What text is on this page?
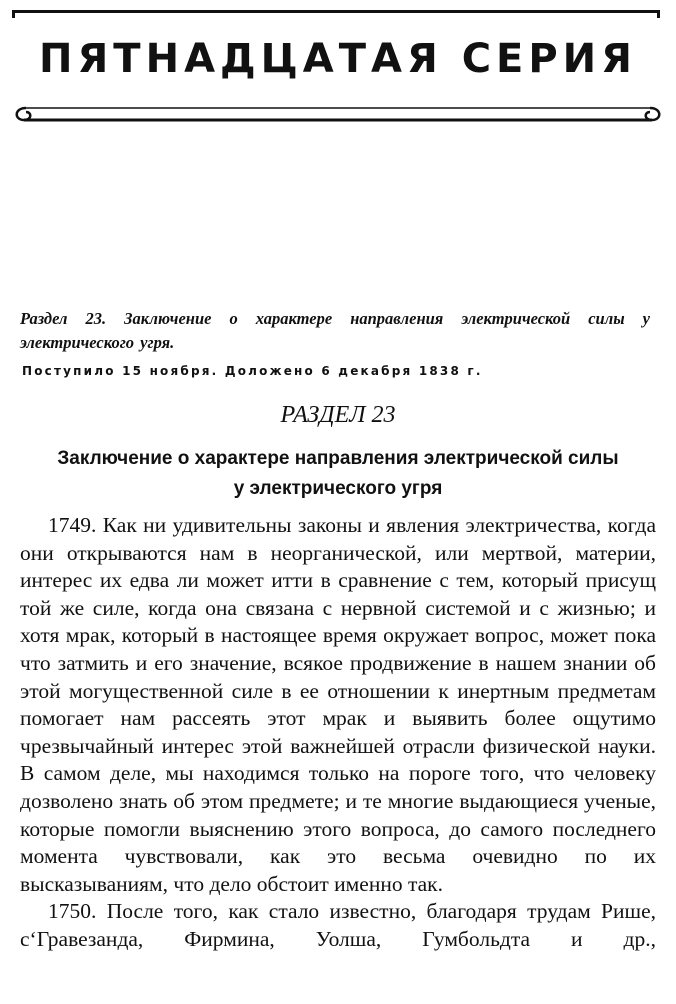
ПЯТНАДЦАТАЯ СЕРИЯ

Раздел 23. Заключение о характере направления электрической силы у электрического угря.

Поступило 15 ноября. Доложено 6 декабря 1838 г.

РАЗДЕЛ 23
Заключение о характере направления электрической силы
у электрического угря

1749. Как ни удивительны законы и явления электричества, когда они открываются нам в неорганической, или мертвой, материи, интерес их едва ли может итти в сравнение с тем, который присущ той же силе, когда она связана с нервной системой и с жизнью; и хотя мрак, который в настоящее время окружает вопрос, может пока что затмить и его значение, всякое продвижение в нашем знании об этой могущественной силе в ее отношении к инертным предметам помогает нам рассеять этот мрак и выявить более ощутимо чрезвычайный интерес этой важнейшей отрасли физической науки. В самом деле, мы находимся только на пороге того, что человеку дозволено знать об этом предмете; и те многие выдающиеся ученые, которые помогли выяснению этого вопроса, до самого последнего момента чувствовали, как это весьма очевидно по их высказываниям, что дело обстоит именно так.

1750. После того, как стало известно, благодаря трудам Рише, с‘Гравезанда, Фирмина, Уолша, Гумбольдта и др.,
